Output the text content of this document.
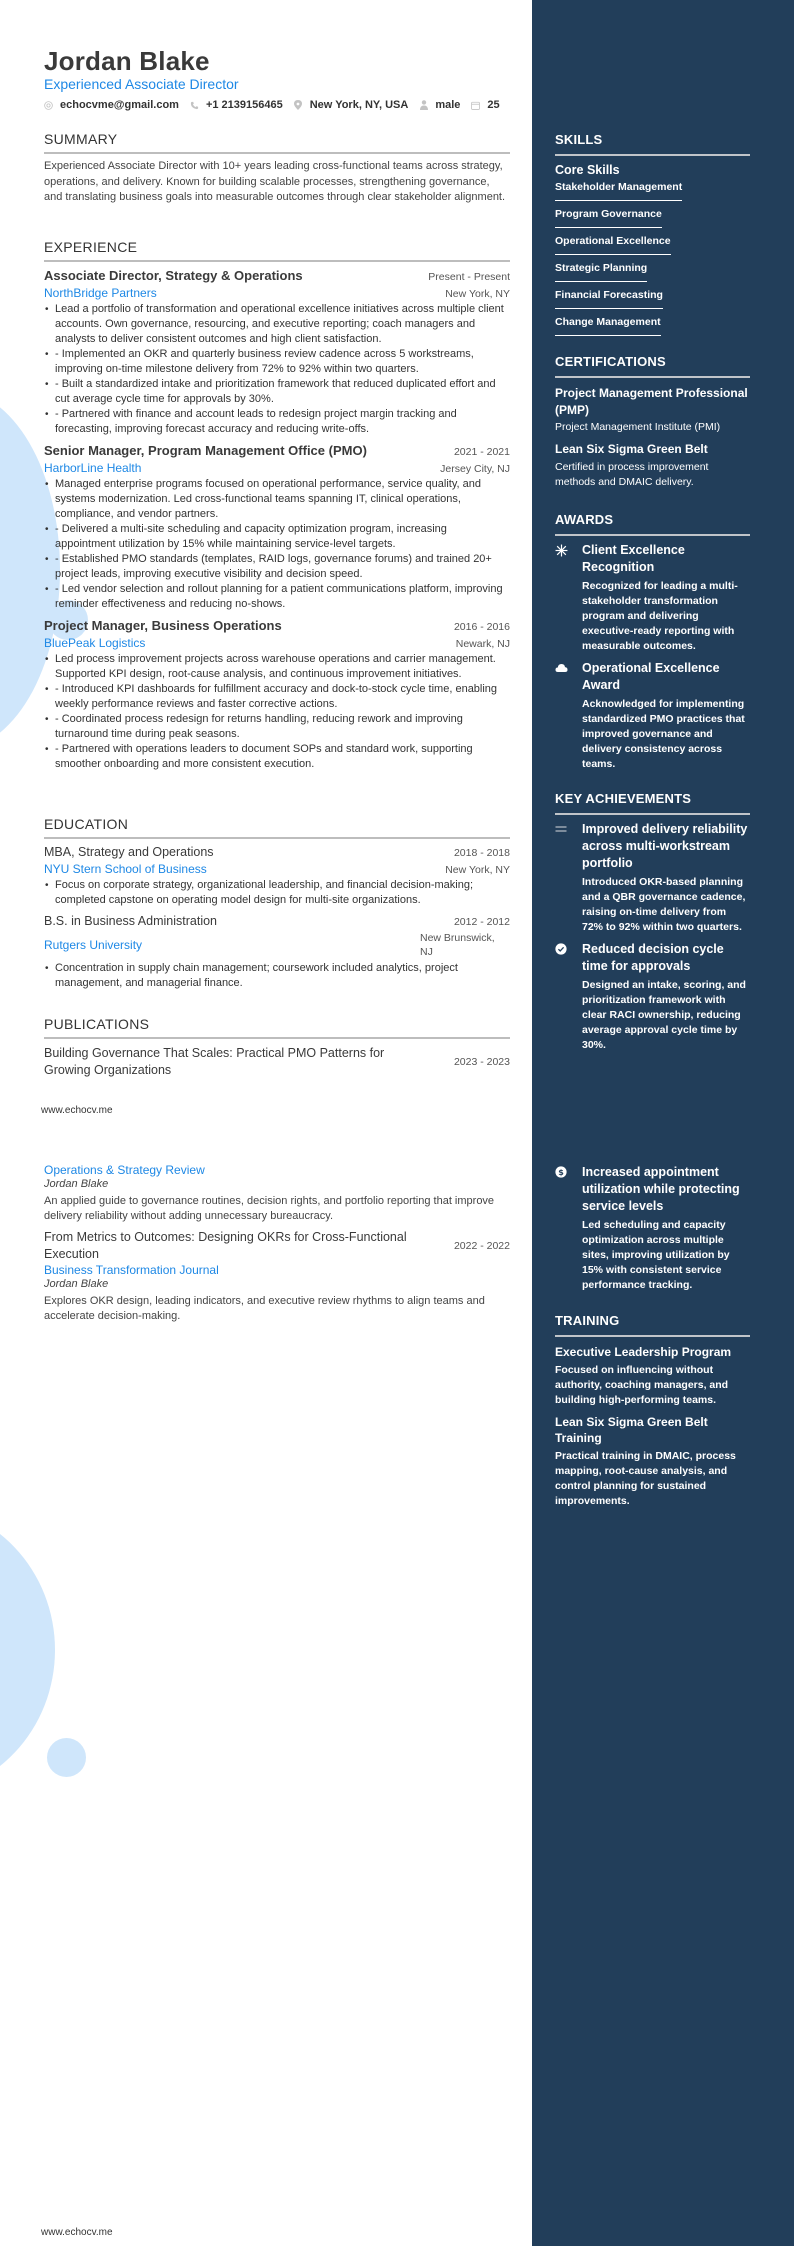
Jordan Blake
Experienced Associate Director
echocvme@gmail.com +1 2139156465 New York, NY, USA male 25
SUMMARY
Experienced Associate Director with 10+ years leading cross-functional teams across strategy, operations, and delivery. Known for building scalable processes, strengthening governance, and translating business goals into measurable outcomes through clear stakeholder alignment.
EXPERIENCE
Associate Director, Strategy & Operations	Present - Present
NorthBridge Partners	New York, NY
• Lead a portfolio of transformation and operational excellence initiatives across multiple client accounts. Own governance, resourcing, and executive reporting; coach managers and analysts to deliver consistent outcomes and high client satisfaction.
• - Implemented an OKR and quarterly business review cadence across 5 workstreams, improving on-time milestone delivery from 72% to 92% within two quarters.
• - Built a standardized intake and prioritization framework that reduced duplicated effort and cut average cycle time for approvals by 30%.
• - Partnered with finance and account leads to redesign project margin tracking and forecasting, improving forecast accuracy and reducing write-offs.
Senior Manager, Program Management Office (PMO)	2021 - 2021
HarborLine Health	Jersey City, NJ
• Managed enterprise programs focused on operational performance, service quality, and systems modernization. Led cross-functional teams spanning IT, clinical operations, compliance, and vendor partners.
• - Delivered a multi-site scheduling and capacity optimization program, increasing appointment utilization by 15% while maintaining service-level targets.
• - Established PMO standards (templates, RAID logs, governance forums) and trained 20+ project leads, improving executive visibility and decision speed.
• - Led vendor selection and rollout planning for a patient communications platform, improving reminder effectiveness and reducing no-shows.
Project Manager, Business Operations	2016 - 2016
BluePeak Logistics	Newark, NJ
• Led process improvement projects across warehouse operations and carrier management. Supported KPI design, root-cause analysis, and continuous improvement initiatives.
• - Introduced KPI dashboards for fulfillment accuracy and dock-to-stock cycle time, enabling weekly performance reviews and faster corrective actions.
• - Coordinated process redesign for returns handling, reducing rework and improving turnaround time during peak seasons.
• - Partnered with operations leaders to document SOPs and standard work, supporting smoother onboarding and more consistent execution.
EDUCATION
MBA, Strategy and Operations	2018 - 2018
NYU Stern School of Business	New York, NY
• Focus on corporate strategy, organizational leadership, and financial decision-making; completed capstone on operating model design for multi-site organizations.
B.S. in Business Administration	2012 - 2012
Rutgers University	New Brunswick, NJ
• Concentration in supply chain management; coursework included analytics, project management, and managerial finance.
PUBLICATIONS
Building Governance That Scales: Practical PMO Patterns for Growing Organizations
2023 - 2023
Operations & Strategy Review
Jordan Blake
An applied guide to governance routines, decision rights, and portfolio reporting that improve delivery reliability without adding unnecessary bureaucracy.
From Metrics to Outcomes: Designing OKRs for Cross-Functional Execution
2022 - 2022
Business Transformation Journal
Jordan Blake
Explores OKR design, leading indicators, and executive review rhythms to align teams and accelerate decision-making.
www.echocv.me
www.echocv.me
SKILLS
Core Skills
Stakeholder Management
Program Governance
Operational Excellence
Strategic Planning
Financial Forecasting
Change Management
CERTIFICATIONS
Project Management Professional (PMP)
Project Management Institute (PMI)
Lean Six Sigma Green Belt
Certified in process improvement methods and DMAIC delivery.
AWARDS
Client Excellence Recognition
Recognized for leading a multi-stakeholder transformation program and delivering executive-ready reporting with measurable outcomes.
Operational Excellence Award
Acknowledged for implementing standardized PMO practices that improved governance and delivery consistency across teams.
KEY ACHIEVEMENTS
Improved delivery reliability across multi-workstream portfolio
Introduced OKR-based planning and a QBR governance cadence, raising on-time delivery from 72% to 92% within two quarters.
Reduced decision cycle time for approvals
Designed an intake, scoring, and prioritization framework with clear RACI ownership, reducing average approval cycle time by 30%.
$ Increased appointment utilization while protecting service levels
Led scheduling and capacity optimization across multiple sites, improving utilization by 15% with consistent service performance tracking.
TRAINING
Executive Leadership Program
Focused on influencing without authority, coaching managers, and building high-performing teams.
Lean Six Sigma Green Belt Training
Practical training in DMAIC, process mapping, root-cause analysis, and control planning for sustained improvements.
